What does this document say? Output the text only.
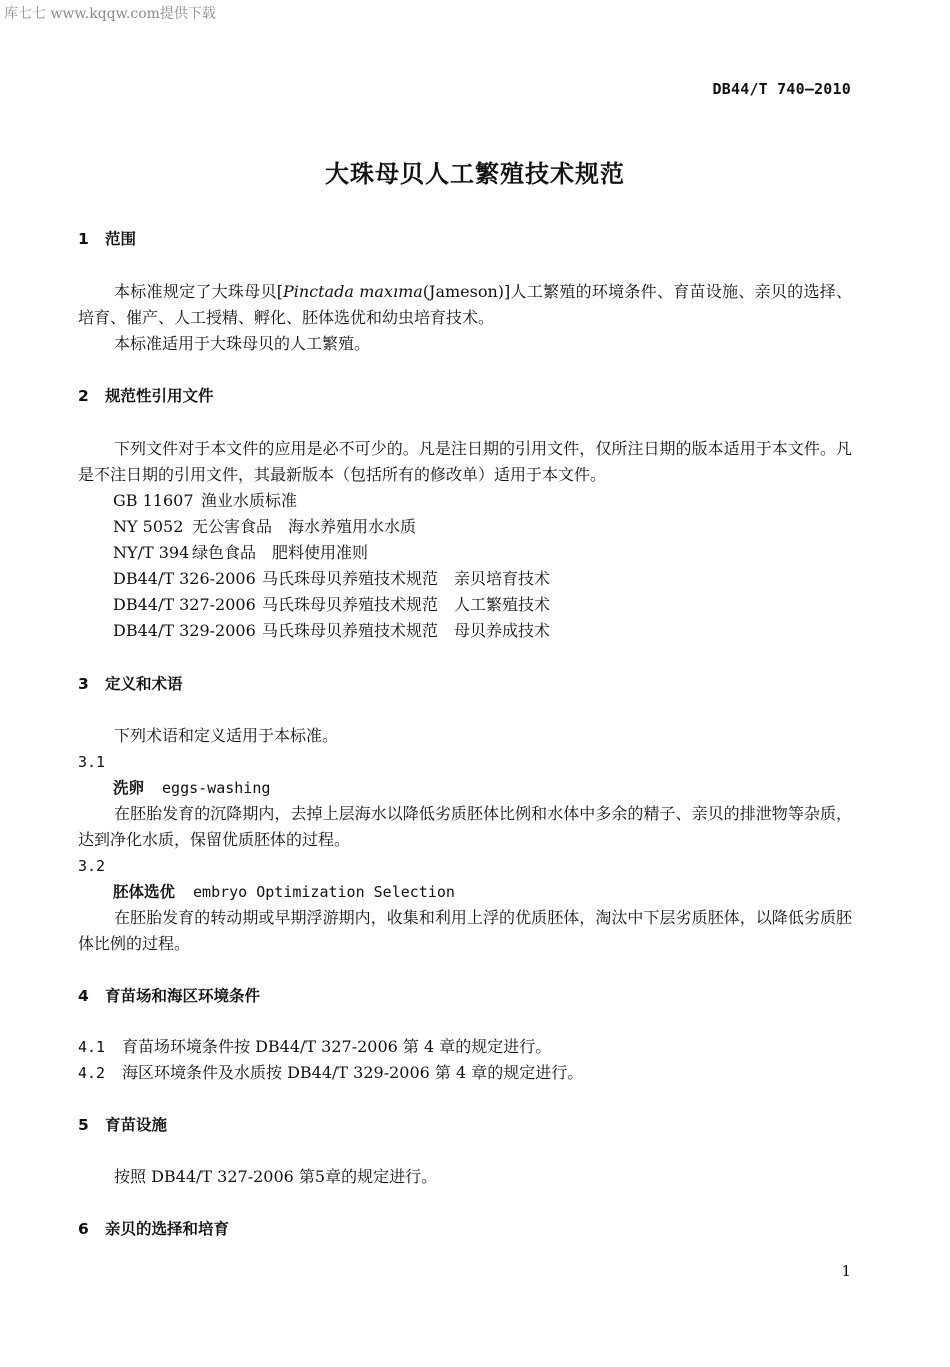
库七七 www.kqqw.com提供下载
DB44/T 740—2010
大珠母贝人工繁殖技术规范
1 范围
本标准规定了大珠母贝[Pinctada maxıma(Jameson)]人工繁殖的环境条件、育苗设施、亲贝的选择、培育、催产、人工授精、孵化、胚体选优和幼虫培育技术。
本标准适用于大珠母贝的人工繁殖。
2 规范性引用文件
下列文件对于本文件的应用是必不可少的。凡是注日期的引用文件，仅所注日期的版本适用于本文件。凡是不注日期的引用文件，其最新版本（包括所有的修改单）适用于本文件。
GB 11607 渔业水质标准
NY 5052 无公害食品　海水养殖用水水质
NY/T 394 绿色食品　肥料使用准则
DB44/T 326-2006 马氏珠母贝养殖技术规范　亲贝培育技术
DB44/T 327-2006 马氏珠母贝养殖技术规范　人工繁殖技术
DB44/T 329-2006 马氏珠母贝养殖技术规范　母贝养成技术
3 定义和术语
下列术语和定义适用于本标准。
3.1
洗卵 eggs-washing
在胚胎发育的沉降期内，去掉上层海水以降低劣质胚体比例和水体中多余的精子、亲贝的排泄物等杂质，达到净化水质，保留优质胚体的过程。
3.2
胚体选优 embryo Optimization Selection
在胚胎发育的转动期或早期浮游期内，收集和利用上浮的优质胚体，淘汰中下层劣质胚体，以降低劣质胚体比例的过程。
4 育苗场和海区环境条件
4.1 育苗场环境条件按 DB44/T 327-2006 第 4 章的规定进行。
4.2 海区环境条件及水质按 DB44/T 329-2006 第 4 章的规定进行。
5 育苗设施
按照 DB44/T 327-2006 第5章的规定进行。
6 亲贝的选择和培育
1
